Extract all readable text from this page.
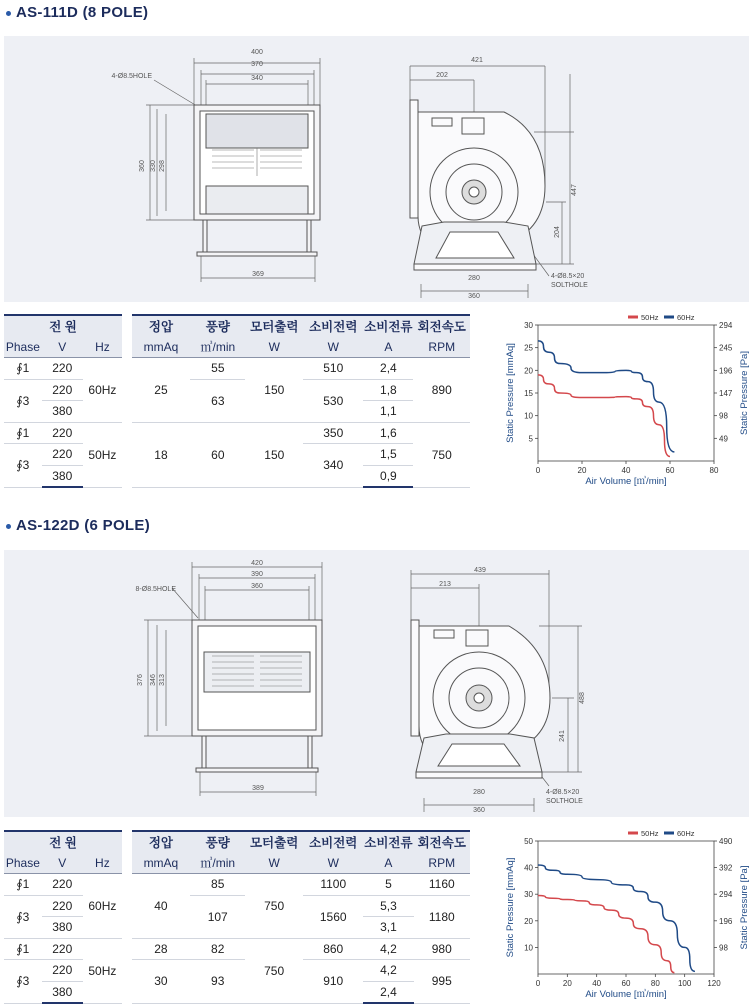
AS-111D (8 POLE)
400
370
340
4-Ø8.5HOLE
360 330 298
369
421
202
447
204
280
360
4-Ø8.5×20
SOLTHOLE
전 원				정압	풍량	모터출력	소비전력	소비전류	회전속도
Phase	V	Hz		mmAq	㎥/min	W	W	A	RPM
∮1	220	60Hz		25	55	150	510	2,4	890
∮3	220				63		530	1,8	
	380							1,1	
∮1	220	50Hz		18	60	150	350	1,6	750
∮3	220						340	1,5	
	380							0,9		0	20	40	60	80
5	49
10	98
15	147
20	196
25	245
30	294
Air Volume [㎥/min]
Static Pressure [mmAq]	Static Pressure [Pa]
50Hz 60Hz
AS-122D (6 POLE)
420
390
360
8-Ø8.5HOLE
376 346 313
389
439
213
488
241
280
360
4-Ø8.5×20
SOLTHOLE
전 원				정압	풍량	모터출력	소비전력	소비전류	회전속도
Phase	V	Hz		mmAq	㎥/min	W	W	A	RPM
∮1	220	60Hz		40	85	750	1100	5	1160
∮3	220				107		1560	5,3	1180
	380							3,1	
∮1	220	50Hz		28	82	750	860	4,2	980
∮3	220			30	93		910	4,2	995
	380							2,4	
0	20	40	60	80 100 120
10	98
20	196
30	294
40	392
50	490
Air Volume [㎥/min]
Static Pressure [mmAq]	Static Pressure [Pa]
50Hz 60Hz
